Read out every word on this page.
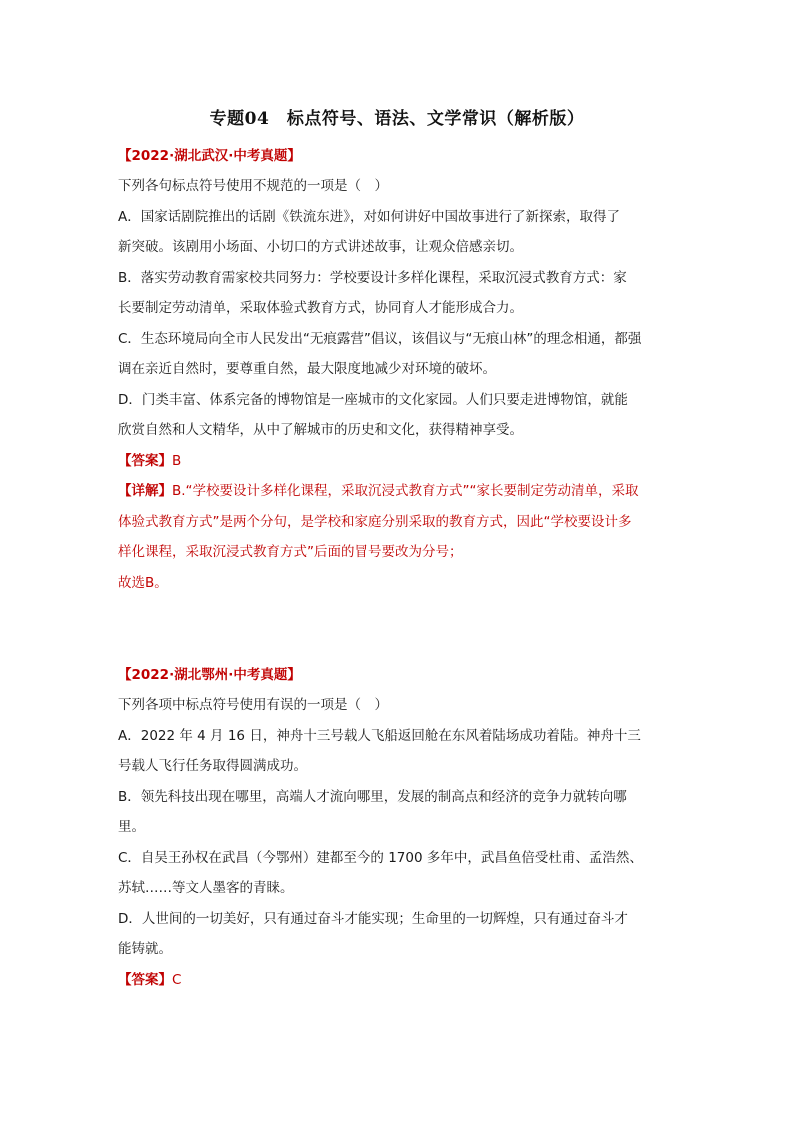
专题04　标点符号、语法、文学常识（解析版）
【2022·湖北武汉·中考真题】
下列各句标点符号使用不规范的一项是（　）
A．国家话剧院推出的话剧《铁流东进》，对如何讲好中国故事进行了新探索，取得了
新突破。该剧用小场面、小切口的方式讲述故事，让观众倍感亲切。
B．落实劳动教育需家校共同努力：学校要设计多样化课程，采取沉浸式教育方式：家
长要制定劳动清单，采取体验式教育方式，协同育人才能形成合力。
C．生态环境局向全市人民发出“无痕露营”倡议，该倡议与“无痕山林”的理念相通，都强
调在亲近自然时，要尊重自然，最大限度地减少对环境的破坏。
D．门类丰富、体系完备的博物馆是一座城市的文化家园。人们只要走进博物馆，就能
欣赏自然和人文精华，从中了解城市的历史和文化，获得精神享受。
【答案】B
【详解】B.“学校要设计多样化课程，采取沉浸式教育方式”“家长要制定劳动清单，采取
体验式教育方式”是两个分句，是学校和家庭分别采取的教育方式，因此“学校要设计多
样化课程，采取沉浸式教育方式”后面的冒号要改为分号；
故选B。
【2022·湖北鄂州·中考真题】
下列各项中标点符号使用有误的一项是（　）
A．2022 年 4 月 16 日，神舟十三号载人飞船返回舱在东风着陆场成功着陆。神舟十三
号载人飞行任务取得圆满成功。
B．领先科技出现在哪里，高端人才流向哪里，发展的制高点和经济的竞争力就转向哪
里。
C．自吴王孙权在武昌（今鄂州）建都至今的 1700 多年中，武昌鱼倍受杜甫、孟浩然、
苏轼……等文人墨客的青睐。
D．人世间的一切美好，只有通过奋斗才能实现；生命里的一切辉煌，只有通过奋斗才
能铸就。
【答案】C
